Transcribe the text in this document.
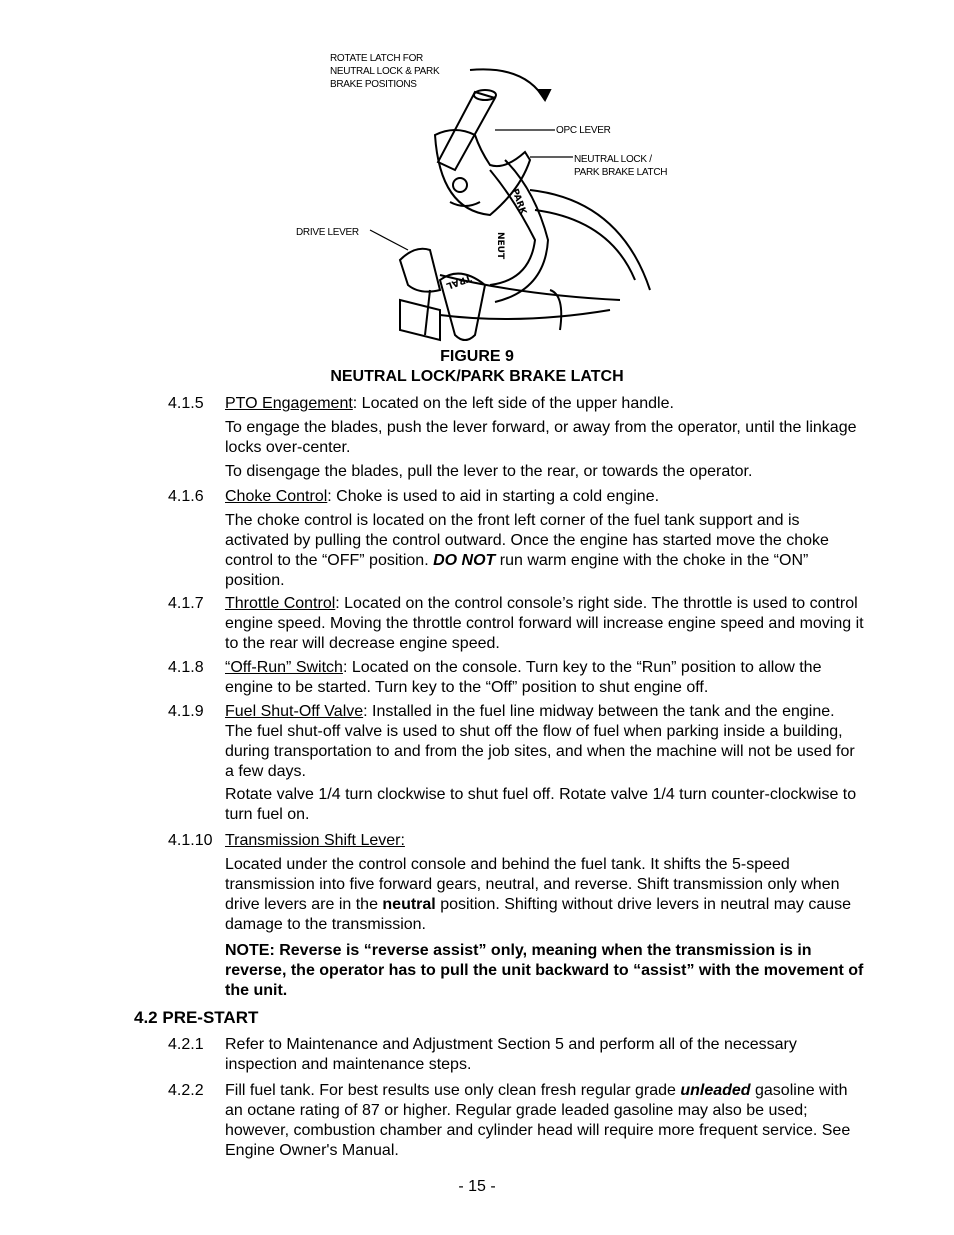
PARK
NEUT
TRAL
ROTATE LATCH FOR
NEUTRAL LOCK & PARK
BRAKE POSITIONS
OPC LEVER
NEUTRAL LOCK /
PARK BRAKE LATCH
DRIVE LEVER
FIGURE 9
NEUTRAL LOCK/PARK BRAKE LATCH
4.1.5 PTO Engagement: Located on the left side of the upper handle.
To engage the blades, push the lever forward, or away from the operator, until the linkage locks over-center.
To disengage the blades, pull the lever to the rear, or towards the operator.
4.1.6 Choke Control: Choke is used to aid in starting a cold engine.
The choke control is located on the front left corner of the fuel tank support and is activated by pulling the control outward. Once the engine has started move the choke control to the “OFF” position. DO NOT run warm engine with the choke in the “ON” position.
4.1.7 Throttle Control: Located on the control console’s right side. The throttle is used to control engine speed. Moving the throttle control forward will increase engine speed and moving it to the rear will decrease engine speed.
4.1.8 “Off-Run” Switch: Located on the console. Turn key to the “Run” position to allow the engine to be started. Turn key to the “Off” position to shut engine off.
4.1.9 Fuel Shut-Off Valve: Installed in the fuel line midway between the tank and the engine. The fuel shut-off valve is used to shut off the flow of fuel when parking inside a building, during transportation to and from the job sites, and when the machine will not be used for a few days.
Rotate valve 1/4 turn clockwise to shut fuel off. Rotate valve 1/4 turn counter-clockwise to turn fuel on.
4.1.10 Transmission Shift Lever:
Located under the control console and behind the fuel tank. It shifts the 5-speed transmission into five forward gears, neutral, and reverse. Shift transmission only when drive levers are in the neutral position. Shifting without drive levers in neutral may cause damage to the transmission.
NOTE: Reverse is “reverse assist” only, meaning when the transmission is in reverse, the operator has to pull the unit backward to “assist” with the movement of the unit.
4.2 PRE-START
4.2.1 Refer to Maintenance and Adjustment Section 5 and perform all of the necessary inspection and maintenance steps.
4.2.2 Fill fuel tank. For best results use only clean fresh regular grade unleaded gasoline with an octane rating of 87 or higher. Regular grade leaded gasoline may also be used; however, combustion chamber and cylinder head will require more frequent service. See Engine Owner's Manual.
- 15 -
